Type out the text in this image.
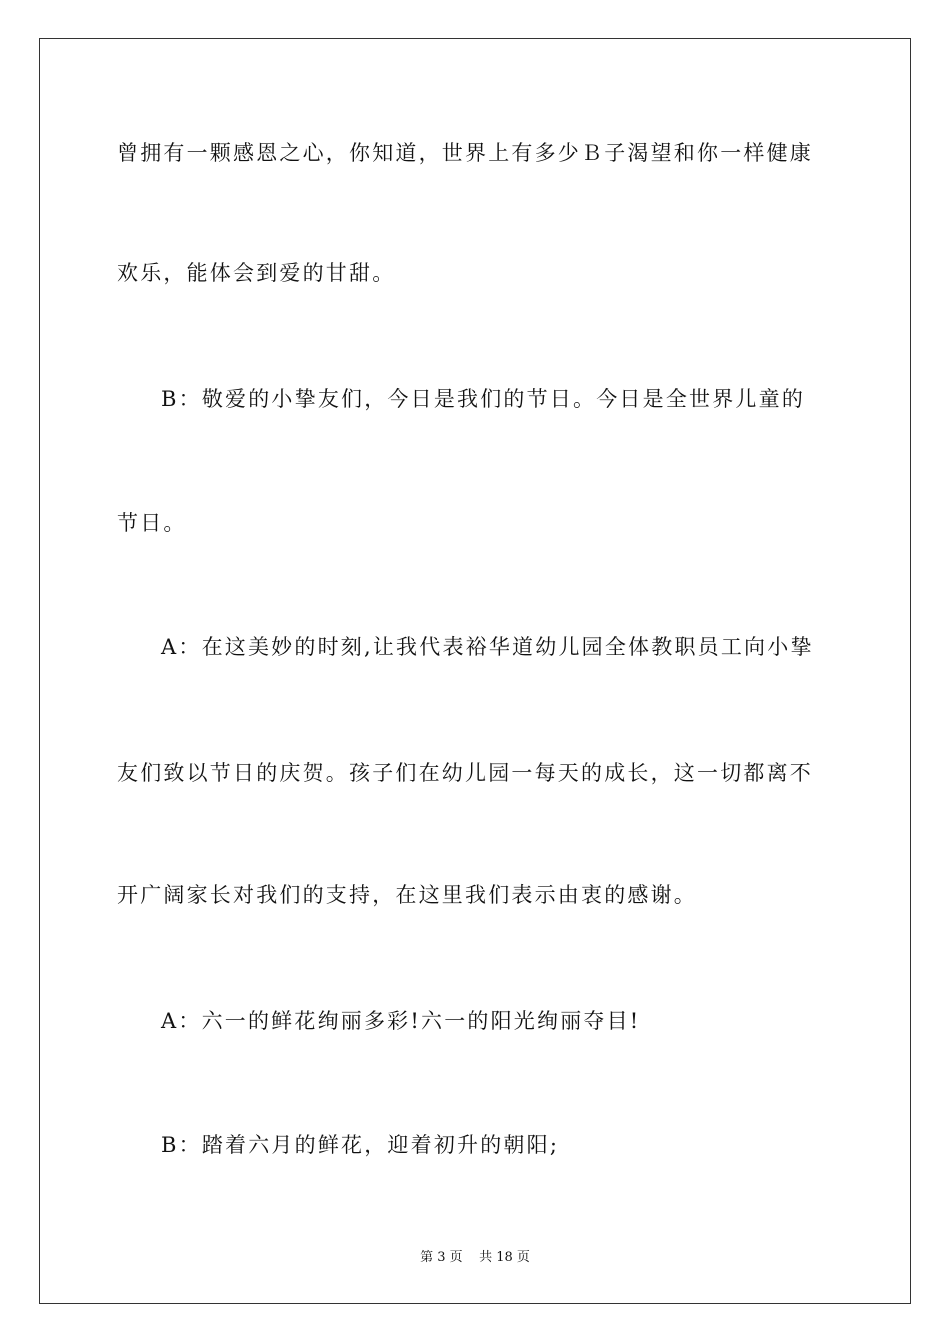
曾拥有一颗感恩之心，你知道，世界上有多少Ｂ子渴望和你一样健康
欢乐，能体会到爱的甘甜。
B：敬爱的小挚友们，今日是我们的节日。今日是全世界儿童的
节日。
A：在这美妙的时刻,让我代表裕华道幼儿园全体教职员工向小挚
友们致以节日的庆贺。孩子们在幼儿园一每天的成长，这一切都离不
开广阔家长对我们的支持，在这里我们表示由衷的感谢。
A：六一的鲜花绚丽多彩!六一的阳光绚丽夺目!
B：踏着六月的鲜花，迎着初升的朝阳;
第 3 页    共 18 页
